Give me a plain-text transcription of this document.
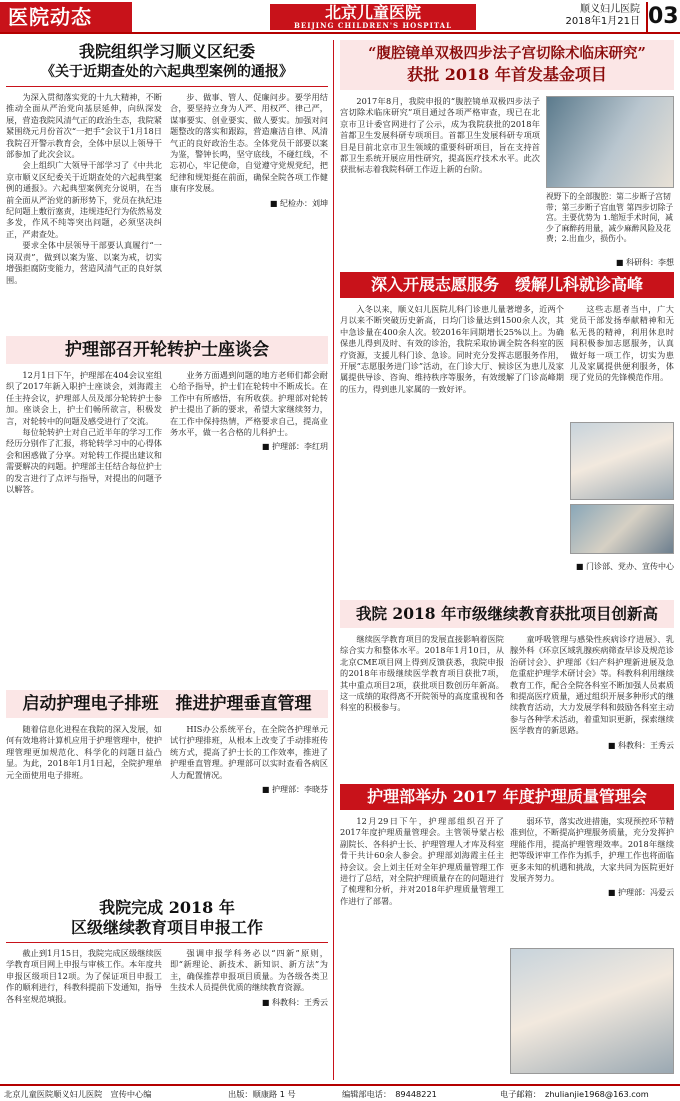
医院动态	北京儿童医院
BEIJING CHILDREN'S HOSPITAL
顺义妇儿医院
2018年1月21日 03
我院组织学习顺义区纪委
《关于近期查处的六起典型案例的通报》

为深入贯彻落实党的十九大精神，不断推动全面从严治党向基层延伸，向纵深发展，营造我院风清气正的政治生态，我院紧紧围绕元月份首次“一把手”会议于1月18日我院召开警示教育会，全体中层以上领导干部参加了此次会议。

会上组织广大领导干部学习了《中共北京市顺义区纪委关于近期查处的六起典型案例的通报》。六起典型案例充分说明，在当前全面从严治党的新形势下，党员在执纪违纪问题上敷衍塞责，违规违纪行为依然易发多发，作风不纯等突出问题，必须坚决纠正，严肃查处。

要求全体中层领导干部要认真履行“一岗双责”，做到以案为鉴、以案为戒，切实增强拒腐防变能力，营造风清气正的良好氛围。

步、做事、管人、促廉问步。要学用结合，要坚持立身为人严、用权严、律己严，谋事要实、创业要实、做人要实。加强对问题整改的落实和跟踪，营造廉洁自律、风清气正的良好政治生态。全体党员干部要以案为鉴，警钟长鸣，坚守底线，不碰红线，不忘初心，牢记使命，自觉遵守党规党纪，把纪律和规矩挺在前面，确保全院各项工作健康有序发展。

■ 纪检办：刘坤

护理部召开轮转护士座谈会

12月1日下午，护理部在404会议室组织了2017年新入职护士座谈会，刘海霞主任主持会议，护理部人员及部分轮转护士参加。座谈会上，护士们畅所欲言，积极发言，对轮转中的问题及感受进行了交流。

每位轮转护士对自己近半年的学习工作经历分别作了汇报，将轮转学习中的心得体会和困惑做了分享。对轮转工作提出建议和需要解决的问题。护理部主任结合每位护士的发言进行了点评与指导，对提出的问题予以解答。

业务方面遇到问题的地方老师们都会耐心给予指导，护士们在轮转中不断成长。在工作中有所感悟，有所收获。护理部对轮转护士提出了新的要求，希望大家继续努力，在工作中保持热情，严格要求自己，提高业务水平，做一名合格的儿科护士。

■ 护理部：李红玥

启动护理电子排班　推进护理垂直管理

随着信息化进程在我院的深入发展，如何有效地将计算机应用于护理管理中，使护理管理更加规范化、科学化的问题日益凸显。为此，2018年1月1日起，全院护理单元全面使用电子排班。

HIS办公系统平台，在全院各护理单元试行护理排班，从根本上改变了手动排班传统方式，提高了护士长的工作效率，推进了护理垂直管理。护理部可以实时查看各病区人力配置情况。

■ 护理部：李晓芬

我院完成 2018 年
区级继续教育项目申报工作

截止到1月15日，我院完成区级继续医学教育项目网上申报与审核工作。本年度共申报区级项目12项。为了保证项目申报工作的顺利进行，科教科提前下发通知，指导各科室规范填报。

强调申报学科务必以“四新”原则，即“新理论、新技术、新知识、新方法”为主，确保推荐申报项目质量。为各级各类卫生技术人员提供优质的继续教育资源。

■ 科教科：王秀云

“腹腔镜单双极四步法子宫切除术临床研究”
获批 2018 年首发基金项目

2017年8月，我院申报的“腹腔镜单双极四步法子宫切除术临床研究”项目通过各项严格审查，现已在北京市卫计委官网进行了公示，成为我院获批的2018年首都卫生发展科研专项项目。首都卫生发展科研专项项目是目前北京市卫生领域的重要科研项目，旨在支持首都卫生系统开展应用性研究，提高医疗技术水平。此次获批标志着我院科研工作迈上新的台阶。

视野下的全部腹腔：第二步断子宫韧带；第三步断子宫血管 第四步切除子宫。主要优势为 1.缩短手术时间，减少了麻醉药用量，减少麻醉风险及花费；2.出血少，损伤小。
■ 科研科：李想
深入开展志愿服务　缓解儿科就诊高峰

入冬以来，顺义妇儿医院儿科门诊患儿量著增多，近两个月以来不断突破历史新高，日均门诊量达到1500余人次，其中急诊量在400余人次。较2016年同期增长25%以上。为确保患儿得到及时、有效的诊治，我院采取协调全院各科室的医疗资源，支援儿科门诊、急诊。同时充分发挥志愿服务作用，开展“志愿服务进门诊”活动，在门诊大厅、候诊区为患儿及家属提供导诊、咨询、维持秩序等服务，有效缓解了门诊高峰期的压力，得到患儿家属的一致好评。

这些志愿者当中，广大党员干部发扬奉献精神和无私无畏的精神，利用休息时间积极参加志愿服务，认真做好每一项工作，切实为患儿及家属提供便利服务，体现了党员的先锋模范作用。

■ 门诊部、党办、宣传中心
我院 2018 年市级继续教育获批项目创新高

继续医学教育项目的发展直接影响着医院综合实力和整体水平。2018年1月10日，从北京CME项目网上得到反馈获悉，我院申报的2018年市级继续医学教育项目获批7项，其中重点项目2项，获批项目数创历年新高。这一成绩的取得离不开院领导的高度重视和各科室的积极参与。

童呼吸管理与感染性疾病诊疗进展》、乳腺外科《环京区域乳腺疾病筛查早诊及规范诊治研讨会》、护理部《妇产科护理新进展及急危重症护理学术研讨会》等。科教科利用继续教育工作，配合全院各科室不断加强人员素质和提高医疗质量，通过组织开展多种形式的继续教育活动，大力发展学科和鼓励各科室主动参与各种学术活动，着重知识更新，探索继续医学教育的新思路。

■ 科教科：王秀云

护理部举办 2017 年度护理质量管理会

12月29日下午，护理部组织召开了2017年度护理质量管理会。主管领导蒙占松副院长、各科护士长、护理管理人才库及科室骨干共计60余人参会。护理部刘海霞主任主持会议。会上刘主任对全年护理质量管理工作进行了总结，对全院护理质量存在的问题进行了梳理和分析，并对2018年护理质量管理工作进行了部署。

弱环节，落实改进措施，实现预控环节精准到位，不断提高护理服务质量，充分发挥护理能作用，提高护理管理效率。2018年继续把等级评审工作作为抓手，护理工作也将面临更多未知的机遇和挑战，大家共同为医院更好发展齐努力。

■ 护理部：冯爱云

北京儿童医院顺义妇儿医院　宣传中心编	出版：顺康路 1 号	编辑部电话：　89448221	电子邮箱：　zhulianjie1968@163.com
